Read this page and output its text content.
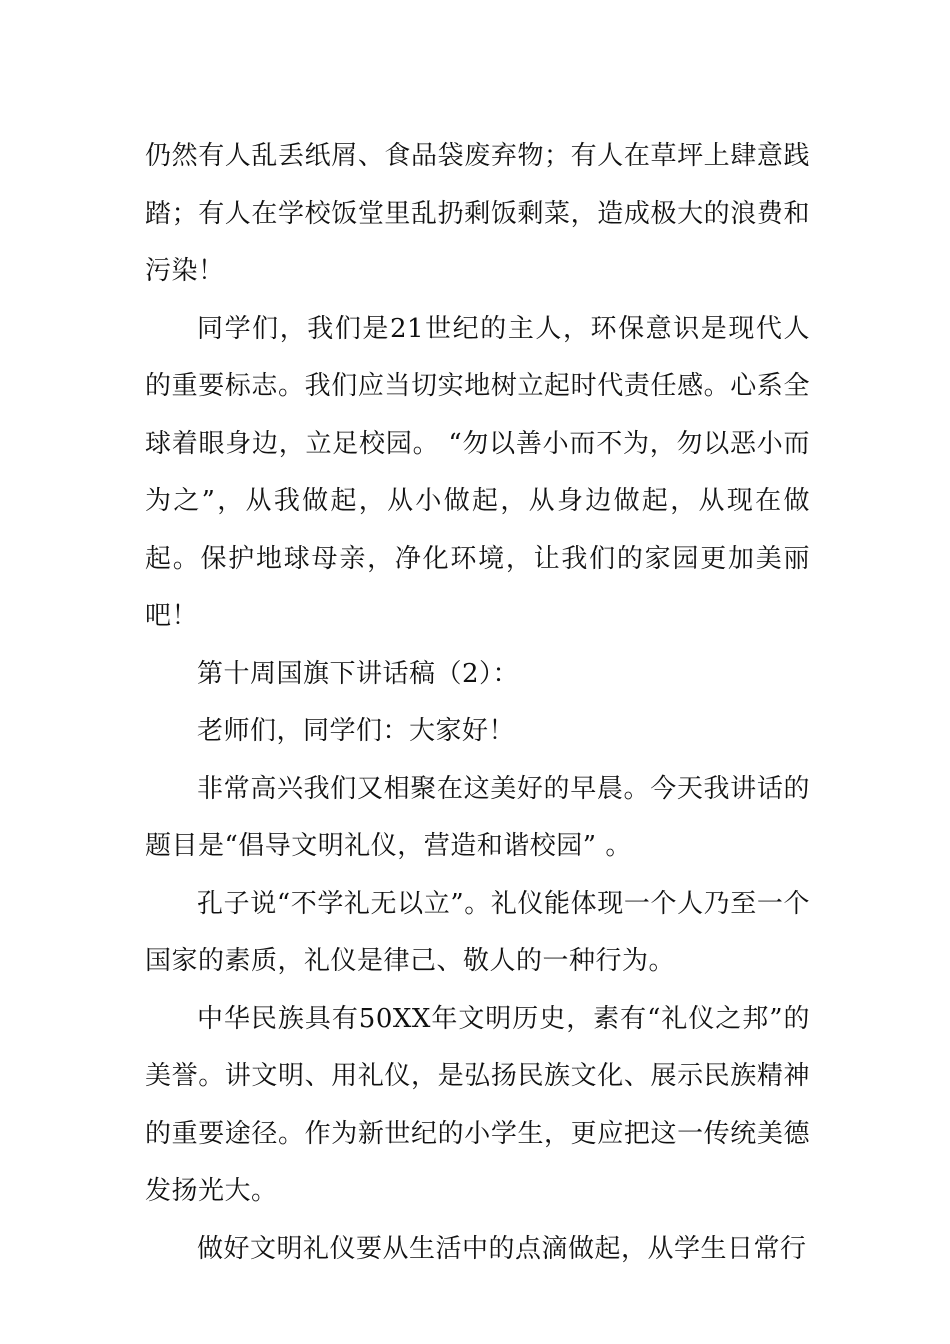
仍然有人乱丢纸屑、食品袋废弃物；有人在草坪上肆意践踏；有人在学校饭堂里乱扔剩饭剩菜，造成极大的浪费和污染！

同学们，我们是21世纪的主人，环保意识是现代人的重要标志。我们应当切实地树立起时代责任感。心系全球着眼身边，立足校园。 “勿以善小而不为，勿以恶小而为之”，从我做起，从小做起，从身边做起，从现在做起。保护地球母亲，净化环境，让我们的家园更加美丽吧！

第十周国旗下讲话稿（2）：

老师们，同学们：大家好！

非常高兴我们又相聚在这美好的早晨。今天我讲话的题目是“倡导文明礼仪，营造和谐校园” 。

孔子说“不学礼无以立”。礼仪能体现一个人乃至一个国家的素质，礼仪是律己、敬人的一种行为。

中华民族具有50XX年文明历史，素有“礼仪之邦”的美誉。讲文明、用礼仪，是弘扬民族文化、展示民族精神的重要途径。作为新世纪的小学生，更应把这一传统美德发扬光大。

做好文明礼仪要从生活中的点滴做起，从学生日常行
